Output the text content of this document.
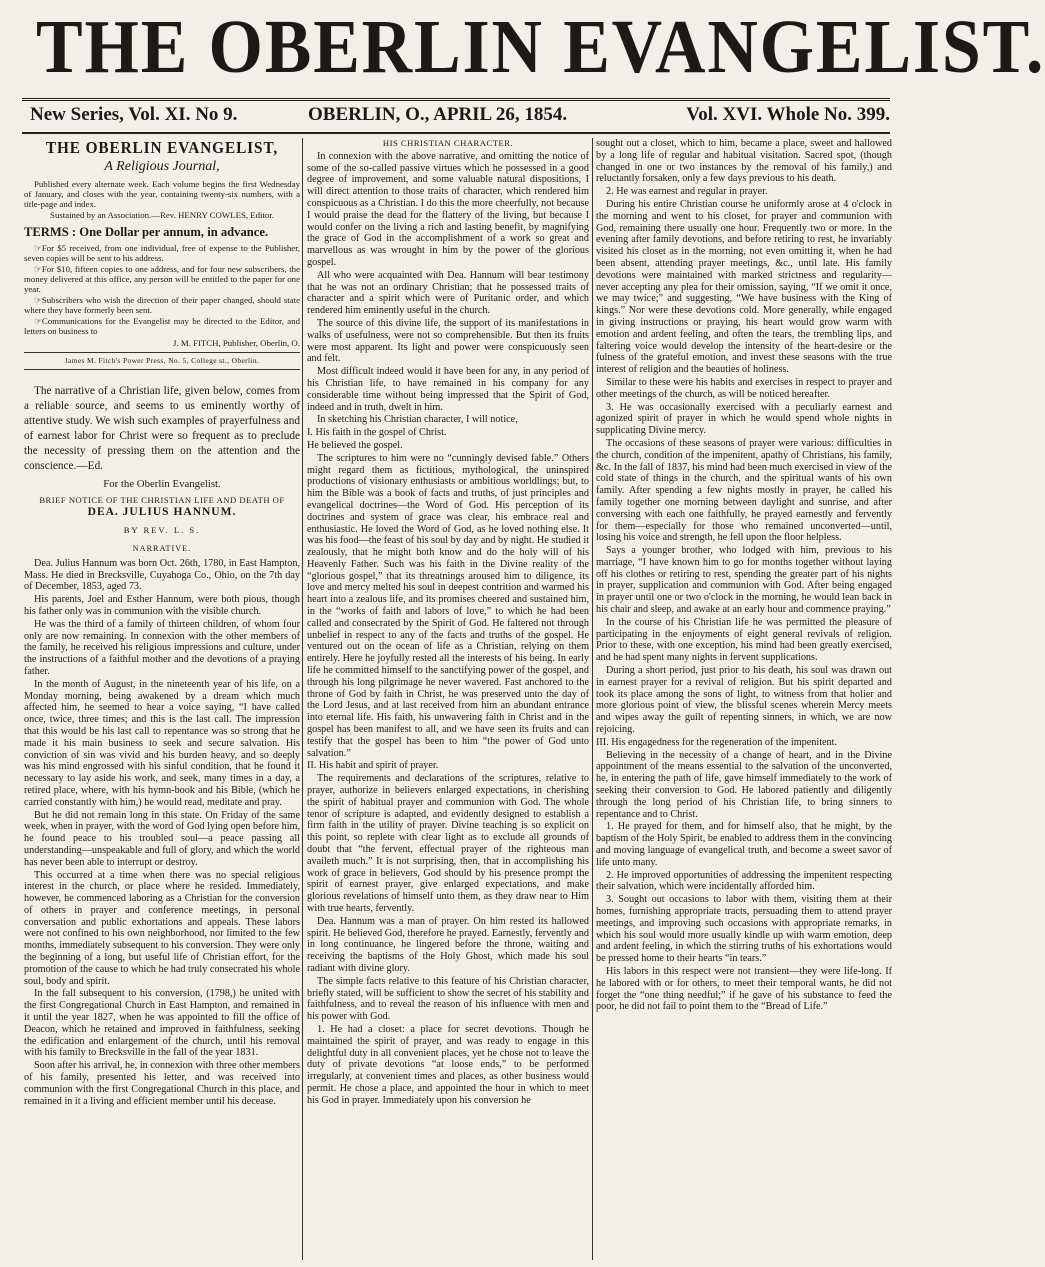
THE OBERLIN EVANGELIST.
New Series, Vol. XI. No 9.	OBERLIN, O., APRIL 26, 1854.	Vol. XVI. Whole No. 399.
THE OBERLIN EVANGELIST,
A Religious Journal,

Published every alternate week. Each volume begins the first Wednesday of January, and closes with the year, containing twenty-six numbers, with a title-page and index.

Sustained by an Association.—Rev. HENRY COWLES, Editor.

TERMS : One Dollar per annum, in advance.

☞For $5 received, from one individual, free of expense to the Publisher, seven copies will be sent to his address.

☞For $10, fifteen copies to one address, and for four new subscribers, the money delivered at this office, any person will be entitled to the paper for one year.

☞Subscribers who wish the direction of their paper changed, should state where they have formerly been sent.

☞Communications for the Evangelist may be directed to the Editor, and letters on business to

J. M. FITCH, Publisher, Oberlin, O.

James M. Fitch's Power Press, No. 5, College st., Oberlin.

The narrative of a Christian life, given below, comes from a reliable source, and seems to us eminently worthy of attentive study. We wish such examples of prayerfulness and of earnest labor for Christ were so frequent as to preclude the necessity of pressing them on the attention and the conscience.—Ed.

For the Oberlin Evangelist.

BRIEF NOTICE OF THE CHRISTIAN LIFE AND DEATH OF

DEA. JULIUS HANNUM.

BY REV. L. S.

NARRATIVE.

Dea. Julius Hannum was born Oct. 26th, 1780, in East Hampton, Mass. He died in Brecksville, Cuyahoga Co., Ohio, on the 7th day of December, 1853, aged 73.

His parents, Joel and Esther Hannum, were both pious, though his father only was in communion with the visible church.

He was the third of a family of thirteen children, of whom four only are now remaining. In connexion with the other members of the family, he received his religious impressions and culture, under the instructions of a faithful mother and the devotions of a praying father.

In the month of August, in the nineteenth year of his life, on a Monday morning, being awakened by a dream which much affected him, he seemed to hear a voice saying, “I have called once, twice, three times; and this is the last call. The impression that this would be his last call to repentance was so strong that he made it his main business to seek and secure salvation. His conviction of sin was vivid and his burden heavy, and so deeply was his mind engrossed with his sinful condition, that he found it necessary to lay aside his work, and seek, many times in a day, a retired place, where, with his hymn-book and his Bible, (which he carried constantly with him,) he would read, meditate and pray.

But he did not remain long in this state. On Friday of the same week, when in prayer, with the word of God lying open before him, he found peace to his troubled soul—a peace passing all understanding—unspeakable and full of glory, and which the world has never been able to interrupt or destroy.

This occurred at a time when there was no special religious interest in the church, or place where he resided. Immediately, however, he commenced laboring as a Christian for the conversion of others in prayer and conference meetings, in personal conversation and public exhortations and appeals. These labors were not confined to his own neighborhood, nor limited to the few months, immediately subsequent to his conversion. They were only the beginning of a long, but useful life of Christian effort, for the promotion of the cause to which he had truly consecrated his whole soul, body and spirit.

In the fall subsequent to his conversion, (1798,) he united with the first Congregational Church in East Hampton, and remained in it until the year 1827, when he was appointed to fill the office of Deacon, which he retained and improved in faithfulness, seeking the edification and enlargement of the church, until his removal with his family to Brecksville in the fall of the year 1831.

Soon after his arrival, he, in connexion with three other members of his family, presented his letter, and was received into communion with the first Congregational Church in this place, and remained in it a living and efficient member until his decease.

HIS CHRISTIAN CHARACTER.

In connexion with the above narrative, and omitting the notice of some of the so-called passive virtues which he possessed in a good degree of improvement, and some valuable natural dispositions, I will direct attention to those traits of character, which rendered him conspicuous as a Christian. I do this the more cheerfully, not because I would praise the dead for the flattery of the living, but because I would confer on the living a rich and lasting benefit, by magnifying the grace of God in the accomplishment of a work so great and marvellous as was wrought in him by the power of the glorious gospel.

All who were acquainted with Dea. Hannum will bear testimony that he was not an ordinary Christian; that he possessed traits of character and a spirit which were of Puritanic order, and which rendered him eminently useful in the church.

The source of this divine life, the support of its manifestations in walks of usefulness, were not so comprehensible. But then its fruits were most apparent. Its light and power were conspicuously seen and felt.

Most difficult indeed would it have been for any, in any period of his Christian life, to have remained in his company for any considerable time without being impressed that the Spirit of God, indeed and in truth, dwelt in him.

In sketching his Christian character, I will notice,

I. His faith in the gospel of Christ.

He believed the gospel.

The scriptures to him were no “cunningly devised fable.” Others might regard them as fictitious, mythological, the uninspired productions of visionary enthusiasts or ambitious worldlings; but, to him the Bible was a book of facts and truths, of just principles and evangelical doctrines—the Word of God. His perception of its doctrines and system of grace was clear, his embrace real and enthusiastic. He loved the Word of God, as he loved nothing else. It was his food—the feast of his soul by day and by night. He studied it zealously, that he might both know and do the holy will of his Heavenly Father. Such was his faith in the Divine reality of the “glorious gospel,” that its threatnings aroused him to diligence, its love and mercy melted his soul in deepest contrition and warmed his heart into a zealous life, and its promises cheered and sustained him, in the “works of faith and labors of love,” to which he had been called and consecrated by the Spirit of God. He faltered not through unbelief in respect to any of the facts and truths of the gospel. He ventured out on the ocean of life as a Christian, relying on them entirely. Here he joyfully rested all the interests of his being. In early life he committed himself to the sanctifying power of the gospel, and through his long pilgrimage he never wavered. Fast anchored to the throne of God by faith in Christ, he was preserved unto the day of the Lord Jesus, and at last received from him an abundant entrance into eternal life. His faith, his unwavering faith in Christ and in the gospel has been manifest to all, and we have seen its fruits and can testify that the gospel has been to him “the power of God unto salvation.”

II. His habit and spirit of prayer.

The requirements and declarations of the scriptures, relative to prayer, authorize in believers enlarged expectations, in cherishing the spirit of habitual prayer and communion with God. The whole tenor of scripture is adapted, and evidently designed to establish a firm faith in the utility of prayer. Divine teaching is so explicit on this point, so replete with clear light as to exclude all grounds of doubt that “the fervent, effectual prayer of the righteous man availeth much.” It is not surprising, then, that in accomplishing his work of grace in believers, God should by his presence prompt the spirit of earnest prayer, give enlarged expectations, and make glorious revelations of himself unto them, as they draw near to Him with true hearts, fervently.

Dea. Hannum was a man of prayer. On him rested its hallowed spirit. He believed God, therefore he prayed. Earnestly, fervently and in long continuance, he lingered before the throne, waiting and receiving the baptisms of the Holy Ghost, which made his soul radiant with divine glory.

The simple facts relative to this feature of his Christian character, briefly stated, will be sufficient to show the secret of his stability and faithfulness, and to reveal the reason of his influence with men and his power with God.

1. He had a closet: a place for secret devotions. Though he maintained the spirit of prayer, and was ready to engage in this delightful duty in all convenient places, yet he chose not to leave the duty of private devotions “at loose ends,” to be performed irregularly, at convenient times and places, as other business would permit. He chose a place, and appointed the hour in which to meet his God in prayer. Immediately upon his conversion he

sought out a closet, which to him, became a place, sweet and hallowed by a long life of regular and habitual visitation. Sacred spot, (though changed in one or two instances by the removal of his family,) and reluctantly forsaken, only a few days previous to his death.

2. He was earnest and regular in prayer.

During his entire Christian course he uniformly arose at 4 o'clock in the morning and went to his closet, for prayer and communion with God, remaining there usually one hour. Frequently two or more. In the evening after family devotions, and before retiring to rest, he invariably visited his closet as in the morning, not even omitting it, when he had been absent, attending prayer meetings, &c., until late. His family devotions were maintained with marked strictness and regularity—never accepting any plea for their omission, saying, “If we omit it once, we may twice;” and suggesting, “We have business with the King of kings.” Nor were these devotions cold. More generally, while engaged in giving instructions or praying, his heart would grow warm with emotion and ardent feeling, and often the tears, the trembling lips, and faltering voice would develop the intensity of the heart-desire or the fulness of the grateful emotion, and invest these seasons with the true interest of religion and the beauties of holiness.

Similar to these were his habits and exercises in respect to prayer and other meetings of the church, as will be noticed hereafter.

3. He was occasionally exercised with a peculiarly earnest and agonized spirit of prayer in which he would spend whole nights in supplicating Divine mercy.

The occasions of these seasons of prayer were various: difficulties in the church, condition of the impenitent, apathy of Christians, his family, &c. In the fall of 1837, his mind had been much exercised in view of the cold state of things in the church, and the spiritual wants of his own family. After spending a few nights mostly in prayer, he called his family together one morning between daylight and sunrise, and after conversing with each one faithfully, he prayed earnestly and fervently for them—especially for those who remained unconverted—until, losing his voice and strength, he fell upon the floor helpless.

Says a younger brother, who lodged with him, previous to his marriage, “I have known him to go for months together without laying off his clothes or retiring to rest, spending the greater part of his nights in prayer, supplication and communion with God. After being engaged in prayer until one or two o'clock in the morning, he would lean back in his chair and sleep, and awake at an early hour and commence praying.”

In the course of his Christian life he was permitted the pleasure of participating in the enjoyments of eight general revivals of religion. Prior to these, with one exception, his mind had been greatly exercised, and he had spent many nights in fervent supplications.

During a short period, just prior to his death, his soul was drawn out in earnest prayer for a revival of religion. But his spirit departed and took its place among the sons of light, to witness from that holier and more glorious point of view, the blissful scenes wherein Mercy meets and wipes away the guilt of repenting sinners, in which, we are now rejoicing.

III. His engagedness for the regeneration of the impenitent.

Believing in the necessity of a change of heart, and in the Divine appointment of the means essential to the salvation of the unconverted, he, in entering the path of life, gave himself immediately to the work of seeking their conversion to God. He labored patiently and diligently through the long period of his Christian life, to bring sinners to repentance and to Christ.

1. He prayed for them, and for himself also, that he might, by the baptism of the Holy Spirit, be enabled to address them in the convincing and moving language of evangelical truth, and become a sweet savor of life unto many.

2. He improved opportunities of addressing the impenitent respecting their salvation, which were incidentally afforded him.

3. Sought out occasions to labor with them, visiting them at their homes, furnishing appropriate tracts, persuading them to attend prayer meetings, and improving such occasions with appropriate remarks, in which his soul would more usually kindle up with warm emotion, deep and ardent feeling, in which the stirring truths of his exhortations would be pressed home to their hearts “in tears.”

His labors in this respect were not transient—they were life-long. If he labored with or for others, to meet their temporal wants, he did not forget the “one thing needful;” if he gave of his substance to feed the poor, he did not fail to point them to the “Bread of Life.”
